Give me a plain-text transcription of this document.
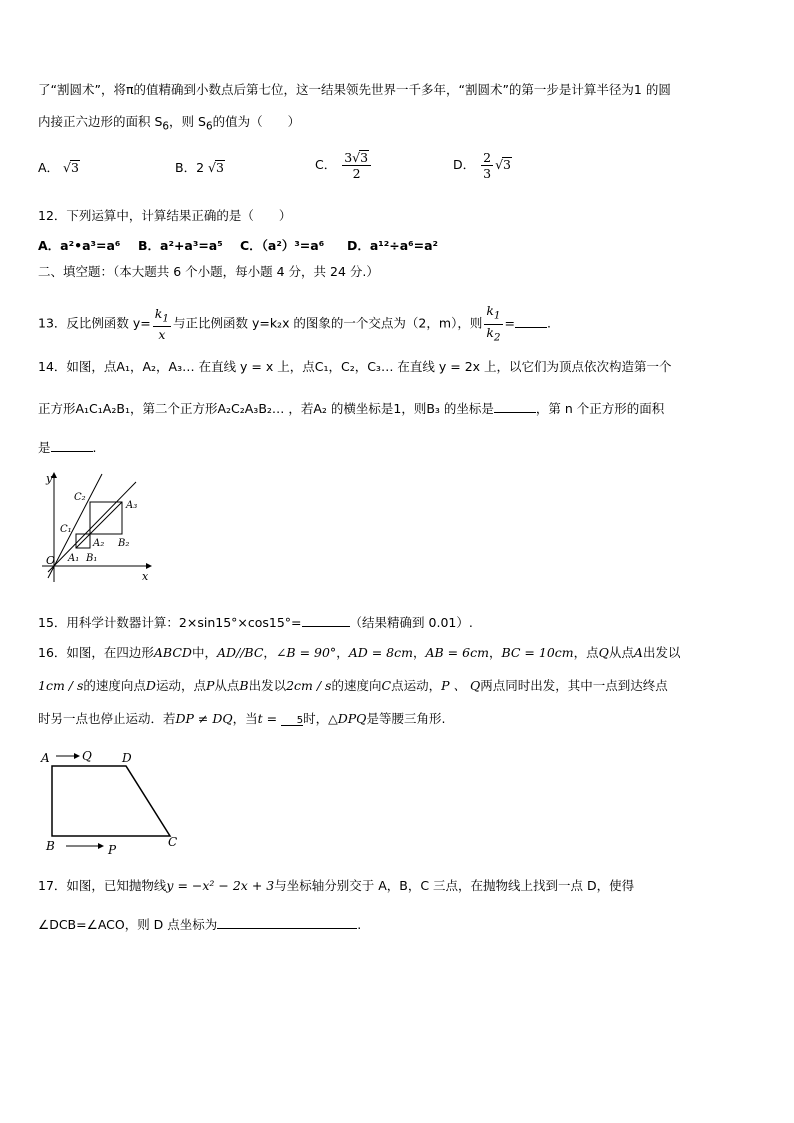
了“割圆术”，将π的值精确到小数点后第七位，这一结果领先世界一千多年，“割圆术”的第一步是计算半径为1 的圆
内接正六边形的面积 $S_6$，则 $S_6$的值为（　　）
A． √3	B．2 √3	C． $\frac{3√3}{2}$	D． $\frac{2}{3} √3$
12．下列运算中，计算结果正确的是（　　）
A．a²•a³=a⁶ B．a²+a³=a⁵ C．（a²）³=a⁶ D．a¹²÷a⁶=a²
二、填空题：（本大题共 6 个小题，每小题 4 分，共 24 分.）
13．反比例函数 $y= \frac{k_1}{x}$ 与正比例函数 y=k₂x 的图象的一个交点为（2，m），则 $\frac{k_1}{k_2}$ =	.
14．如图，点A₁，A₂，A₃… 在直线 y = x 上，点C₁，C₂，C₃… 在直线 y = 2x 上，以它们为顶点依次构造第一个
正方形A₁C₁A₂B₁，第二个正方形A₂C₂A₃B₂… ，若A₂ 的横坐标是1，则B₃ 的坐标是	，第 n 个正方形的面积
是	.
y
x
O A₁ B₁
C₁
A₂
C₂
A₃
B₂
15．用科学计数器计算：2×sin15°×cos15°=	（结果精确到 0.01）.
16．如图，在四边形ABCD中，AD//BC，∠B = 90°，AD = 8cm，AB = 6cm，BC = 10cm，点Q从点A出发以
1cm / s的速度向点D运动，点P从点B出发以2cm / s的速度向C点运动，P 、 Q两点同时出发，其中一点到达终点
时另一点也停止运动．若DP ≠ DQ，当t = 5时，△DPQ是等腰三角形.
A	Q	D
B	P
C
17．如图，已知抛物线y = −x² − 2x + 3与坐标轴分别交于 A，B，C 三点，在抛物线上找到一点 D，使得
∠DCB=∠ACO，则 D 点坐标为	.
